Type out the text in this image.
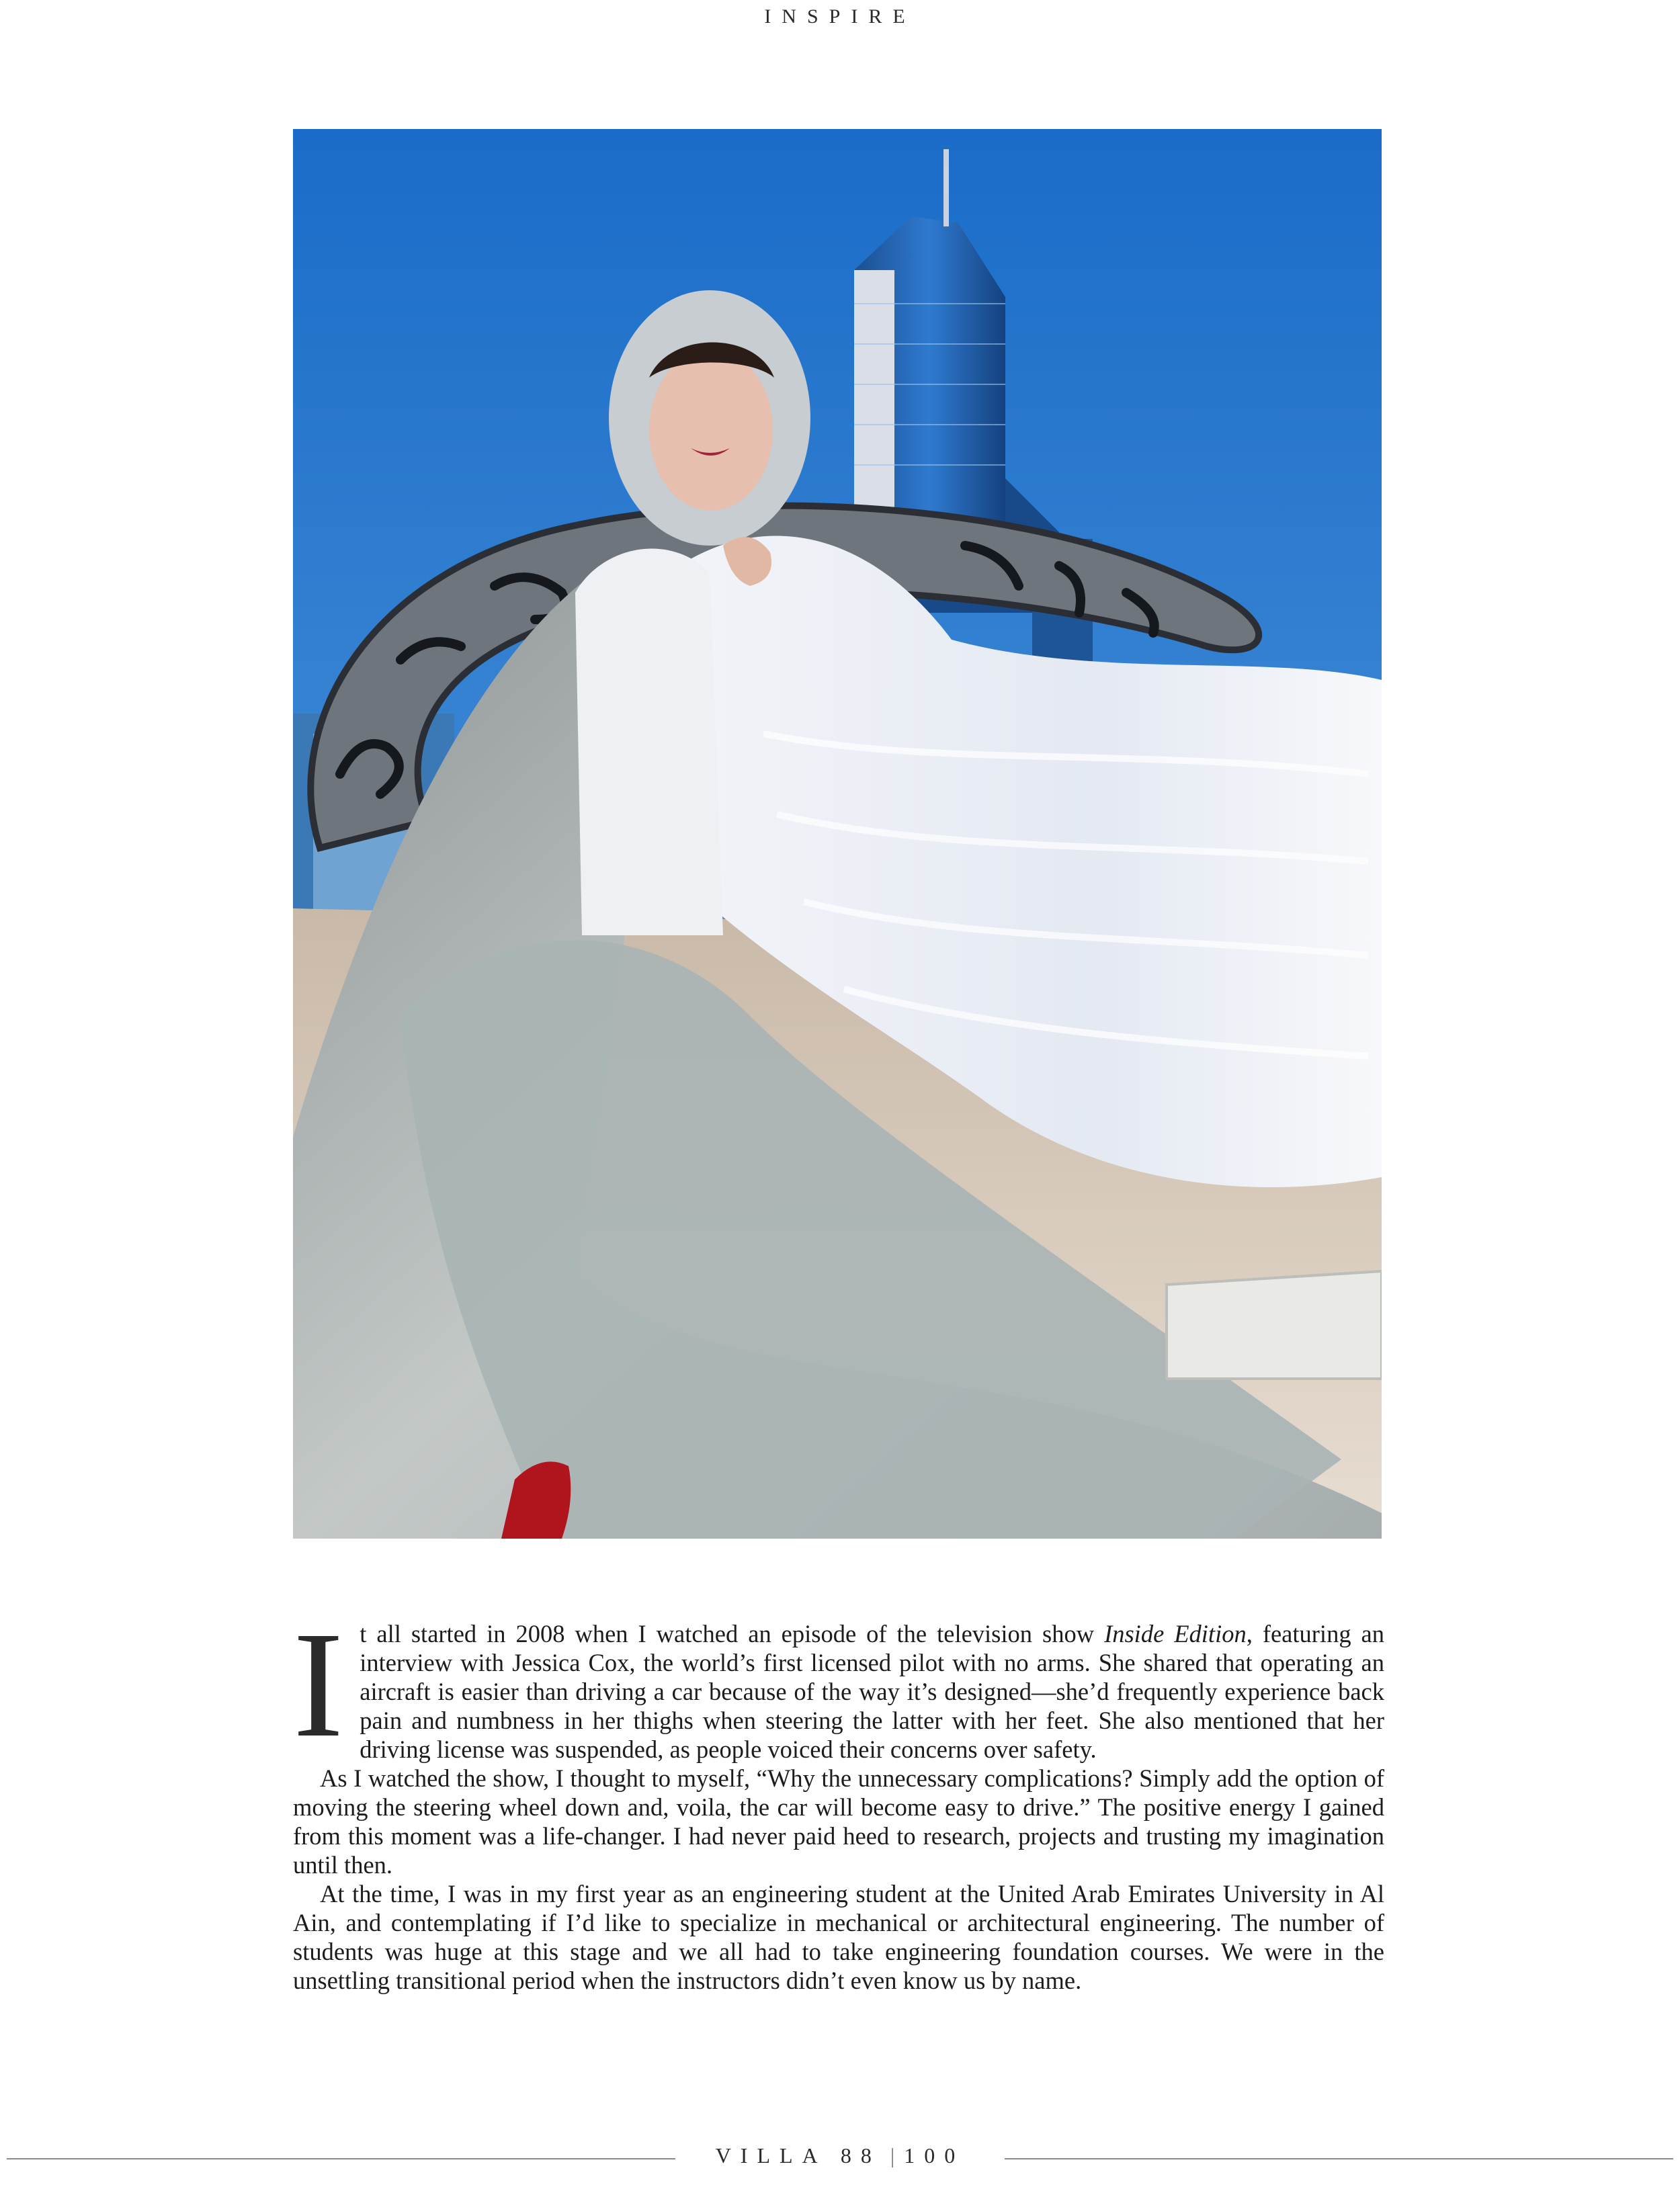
INSPIRE

It all started in 2008 when I watched an episode of the television show Inside Edition, featuring an interview with Jessica Cox, the world’s first licensed pilot with no arms. She shared that operating an aircraft is easier than driving a car because of the way it’s designed—she’d frequently experience back pain and numbness in her thighs when steering the latter with her feet. She also mentioned that her driving license was suspended, as people voiced their concerns over safety.

As I watched the show, I thought to myself, “Why the unnecessary complications? Simply add the option of moving the steering wheel down and, voila, the car will become easy to drive.” The positive energy I gained from this moment was a life-changer. I had never paid heed to research, projects and trusting my imagination until then.

At the time, I was in my first year as an engineering student at the United Arab Emirates University in Al Ain, and contemplating if I’d like to specialize in mechanical or architectural engineering. The number of students was huge at this stage and we all had to take engineering foundation courses. We were in the unsettling transitional period when the instructors didn’t even know us by name.

VILLA 88 | 100
